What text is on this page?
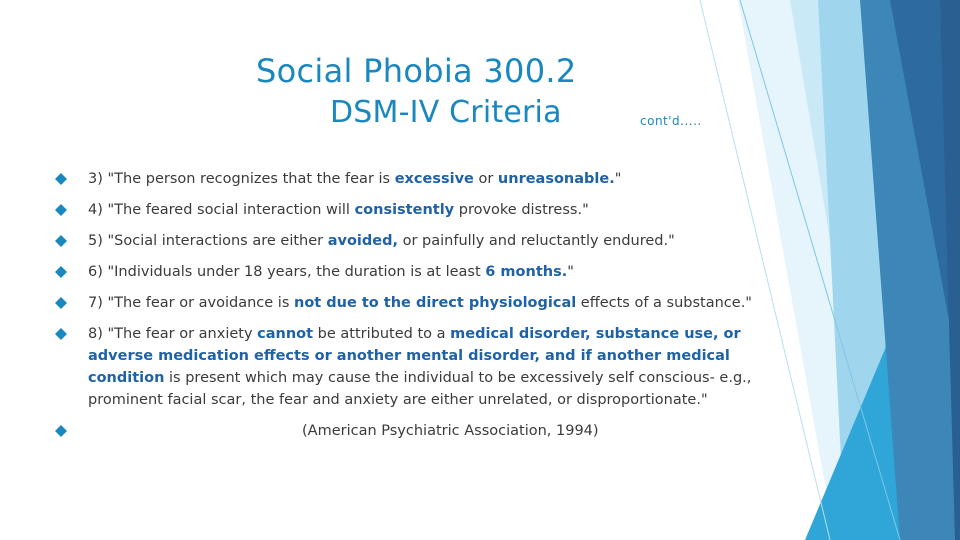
Social Phobia 300.2
DSM-IV Criteria	cont'd.....
3) "The person recognizes that the fear is excessive or unreasonable."
4) "The feared social interaction will consistently provoke distress."
5) "Social interactions are either avoided, or painfully and reluctantly endured."
6) "Individuals under 18 years, the duration is at least 6 months."
7) "The fear or avoidance is not due to the direct physiological effects of a substance."
8) "The fear or anxiety cannot be attributed to a medical disorder, substance use, or adverse medication effects or another mental disorder, and if another medical condition is present which may cause the individual to be excessively self conscious- e.g., prominent facial scar, the fear and anxiety are either unrelated, or disproportionate."
(American Psychiatric Association, 1994)
